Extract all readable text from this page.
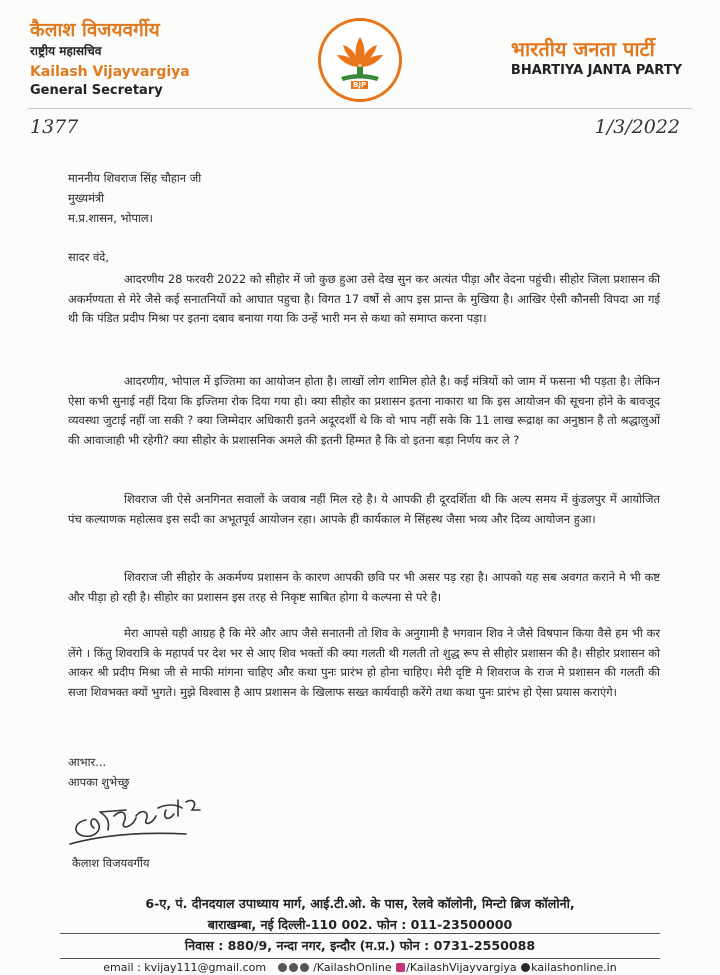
कैलाश विजयवर्गीय
राष्ट्रीय महासचिव
Kailash Vijayvargiya
General Secretary	BJP
भारतीय जनता पार्टी
BHARTIYA JANTA PARTY
1377	1/3/2022
माननीय शिवराज सिंह चौहान जी
मुख्यमंत्री
म.प्र.शासन, भोपाल।
सादर वंदे,

आदरणीय 28 फरवरी 2022 को सीहोर में जो कुछ हुआ उसे देख सुन कर अत्यंत पीड़ा और वेदना पहुंची। सीहोर जिला प्रशासन की अकर्मण्यता से मेरे जैसे कई सनातनियों को आघात पहुचा है। विगत 17 वर्षो से आप इस प्रान्त के मुखिया है। आखिर ऐसी कौनसी विपदा आ गई थी कि पंडित प्रदीप मिश्रा पर इतना दबाव बनाया गया कि उन्हें भारी मन से कथा को समाप्त करना पड़ा।

आदरणीय, भोपाल में इज्तिमा का आयोजन होता है। लाखों लोग शामिल होते है। कई मंत्रियों को जाम में फसना भी पड़ता है। लेकिन ऐसा कभी सुनाई नहीं दिया कि इज्तिमा रोक दिया गया हो। क्या सीहोर का प्रशासन इतना नाकारा था कि इस आयोजन की सूचना होने के बावजूद व्यवस्था जुटाई नहीं जा सकी ? क्या जिम्मेदार अधिकारी इतने अदूरदर्शी थे कि वो भाप नहीं सके कि 11 लाख रूद्राक्ष का अनुष्ठान है तो श्रद्धालुओं की आवाजाही भी रहेगी? क्या सीहोर के प्रशासनिक अमले की इतनी हिम्मत है कि वो इतना बड़ा निर्णय कर ले ?

शिवराज जी ऐसे अनगिनत सवालों के जवाब नहीं मिल रहे है। ये आपकी ही दूरदर्शिता थी कि अल्प समय में कुंडलपुर में आयोजित पंच कल्याणक महोत्सव इस सदी का अभूतपूर्व आयोजन रहा। आपके ही कार्यकाल मे सिंहस्थ जैसा भव्य और दिव्य आयोजन हुआ।

शिवराज जी सीहोर के अकर्मण्य प्रशासन के कारण आपकी छवि पर भी असर पड़ रहा है। आपको यह सब अवगत कराने मे भी कष्ट और पीड़ा हो रही है। सीहोर का प्रशासन इस तरह से निकृष्ट साबित होगा ये कल्पना से परे है।

मेरा आपसे यही आग्रह है कि मेरे और आप जैसे सनातनी तो शिव के अनुगामी है भगवान शिव ने जैसे विषपान किया वैसे हम भी कर लेंगे । किंतु शिवरात्रि के महापर्व पर देश भर से आए शिव भक्तों की क्या गलती थी गलती तो शुद्ध रूप से सीहोर प्रशासन की है। सीहोर प्रशासन को आकर श्री प्रदीप मिश्रा जी से माफी मांगना चाहिए और कथा पुनः प्रारंभ हो होना चाहिए। मेरी दृष्टि मे शिवराज के राज मे प्रशासन की गलती की सजा शिवभक्त क्यों भुगते। मुझे विश्वास है आप प्रशासन के खिलाफ सख्त कार्यवाही करेंगे तथा कथा पुनः प्रारंभ हो ऐसा प्रयास कराएंगे।

आभार...
आपका शुभेच्छु
कैलाश विजयवर्गीय
6-ए, पं. दीनदयाल उपाध्याय मार्ग, आई.टी.ओ. के पास, रेलवे कॉलोनी, मिन्टो ब्रिज कॉलोनी,
बाराखम्बा, नई दिल्ली-110 002. फोन : 011-23500000
निवास : 880/9, नन्दा नगर, इन्दौर (म.प्र.) फोन : 0731-2550088
email : kvijay111@gmail.com	/KailashOnline /KailashVijayvargiya kailashonline.in
